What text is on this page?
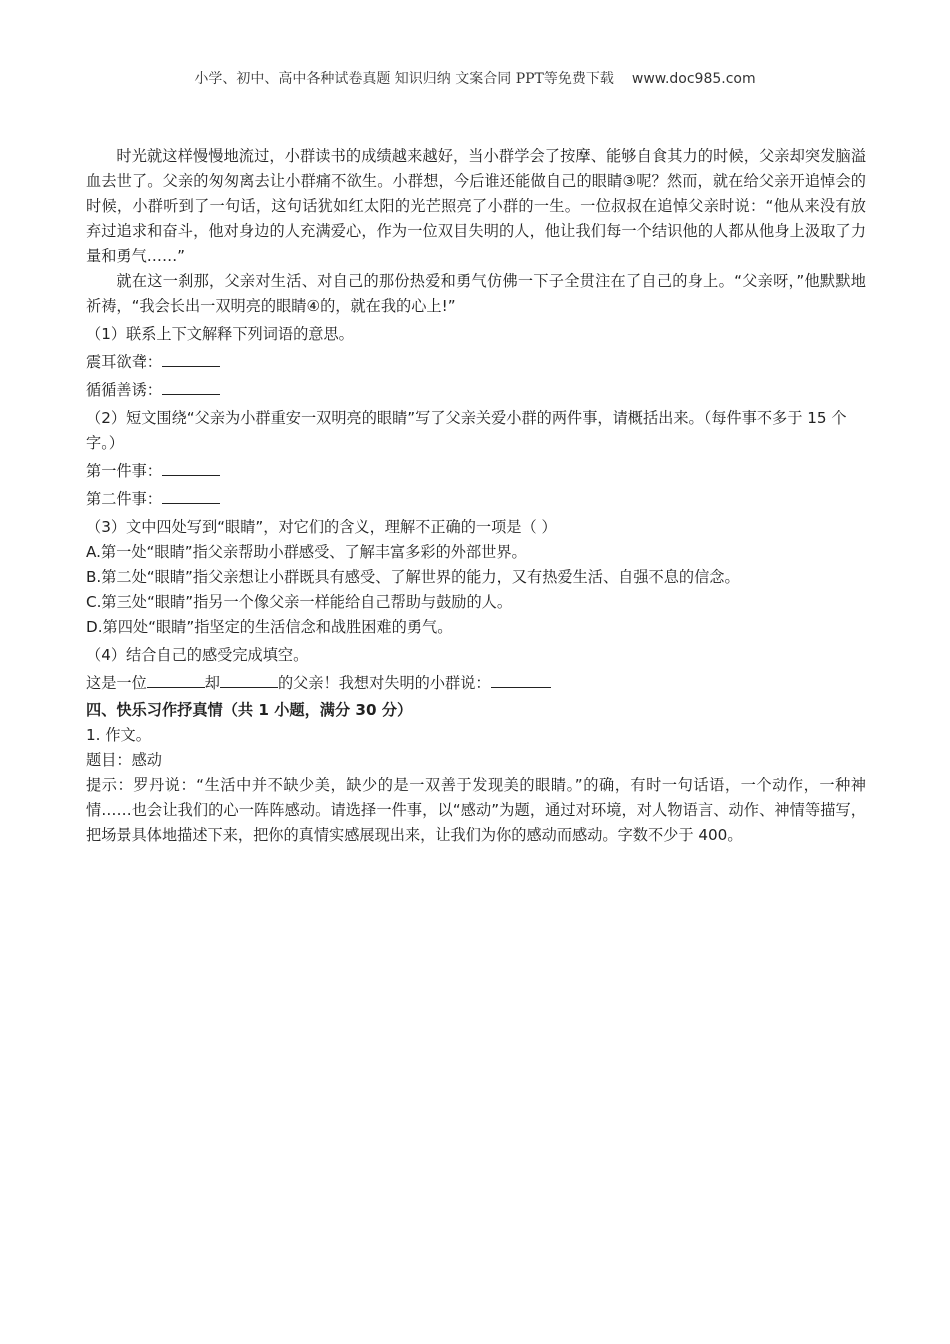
小学、初中、高中各种试卷真题 知识归纳 文案合同 PPT等免费下载 www.doc985.com

时光就这样慢慢地流过，小群读书的成绩越来越好，当小群学会了按摩、能够自食其力的时候，父亲却突发脑溢血去世了。父亲的匆匆离去让小群痛不欲生。小群想，今后谁还能做自己的眼睛③呢？然而，就在给父亲开追悼会的时候，小群听到了一句话，这句话犹如红太阳的光芒照亮了小群的一生。一位叔叔在追悼父亲时说：“他从来没有放弃过追求和奋斗，他对身边的人充满爱心，作为一位双目失明的人，他让我们每一个结识他的人都从他身上汲取了力量和勇气……”

就在这一刹那，父亲对生活、对自己的那份热爱和勇气仿佛一下子全贯注在了自己的身上。“父亲呀，”他默默地祈祷，“我会长出一双明亮的眼睛④的，就在我的心上!”

（1）联系上下文解释下列词语的意思。

震耳欲聋：

循循善诱：

（2）短文围绕“父亲为小群重安一双明亮的眼睛”写了父亲关爱小群的两件事，请概括出来。（每件事不多于 15 个字。）

第一件事：

第二件事：

（3）文中四处写到“眼睛”，对它们的含义，理解不正确的一项是（ ）

A.第一处“眼睛”指父亲帮助小群感受、了解丰富多彩的外部世界。

B.第二处“眼睛”指父亲想让小群既具有感受、了解世界的能力，又有热爱生活、自强不息的信念。

C.第三处“眼睛”指另一个像父亲一样能给自己帮助与鼓励的人。

D.第四处“眼睛”指坚定的生活信念和战胜困难的勇气。

（4）结合自己的感受完成填空。

这是一位	却	的父亲！我想对失明的小群说：

四、快乐习作抒真情（共 1 小题，满分 30 分）

1. 作文。

题目：感动

提示：罗丹说：“生活中并不缺少美，缺少的是一双善于发现美的眼睛。”的确，有时一句话语，一个动作，一种神情……也会让我们的心一阵阵感动。请选择一件事，以“感动”为题，通过对环境，对人物语言、动作、神情等描写，把场景具体地描述下来，把你的真情实感展现出来，让我们为你的感动而感动。字数不少于 400。
